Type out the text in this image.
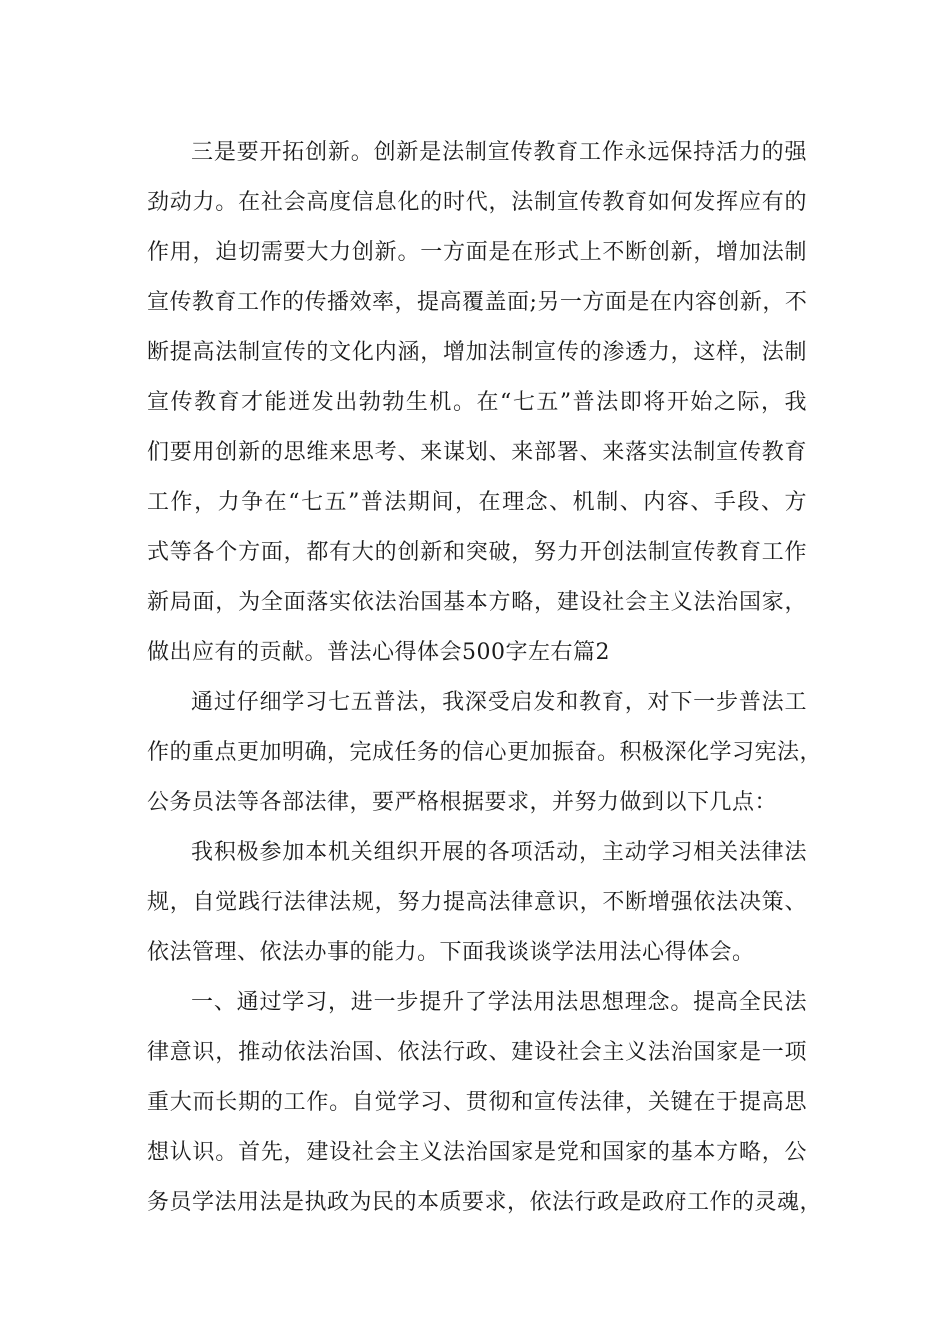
三是要开拓创新。创新是法制宣传教育工作永远保持活力的强
劲动力。在社会高度信息化的时代，法制宣传教育如何发挥应有的
作用，迫切需要大力创新。一方面是在形式上不断创新，增加法制
宣传教育工作的传播效率，提高覆盖面;另一方面是在内容创新，不
断提高法制宣传的文化内涵，增加法制宣传的渗透力，这样，法制
宣传教育才能迸发出勃勃生机。在“七五”普法即将开始之际，我
们要用创新的思维来思考、来谋划、来部署、来落实法制宣传教育
工作，力争在“七五”普法期间，在理念、机制、内容、手段、方
式等各个方面，都有大的创新和突破，努力开创法制宣传教育工作
新局面，为全面落实依法治国基本方略，建设社会主义法治国家，
做出应有的贡献。普法心得体会500字左右篇2
通过仔细学习七五普法，我深受启发和教育，对下一步普法工
作的重点更加明确，完成任务的信心更加振奋。积极深化学习宪法，
公务员法等各部法律，要严格根据要求，并努力做到以下几点：
我积极参加本机关组织开展的各项活动，主动学习相关法律法
规，自觉践行法律法规，努力提高法律意识，不断增强依法决策、
依法管理、依法办事的能力。下面我谈谈学法用法心得体会。
一、通过学习，进一步提升了学法用法思想理念。提高全民法
律意识，推动依法治国、依法行政、建设社会主义法治国家是一项
重大而长期的工作。自觉学习、贯彻和宣传法律，关键在于提高思
想认识。首先，建设社会主义法治国家是党和国家的基本方略，公
务员学法用法是执政为民的本质要求，依法行政是政府工作的灵魂，
